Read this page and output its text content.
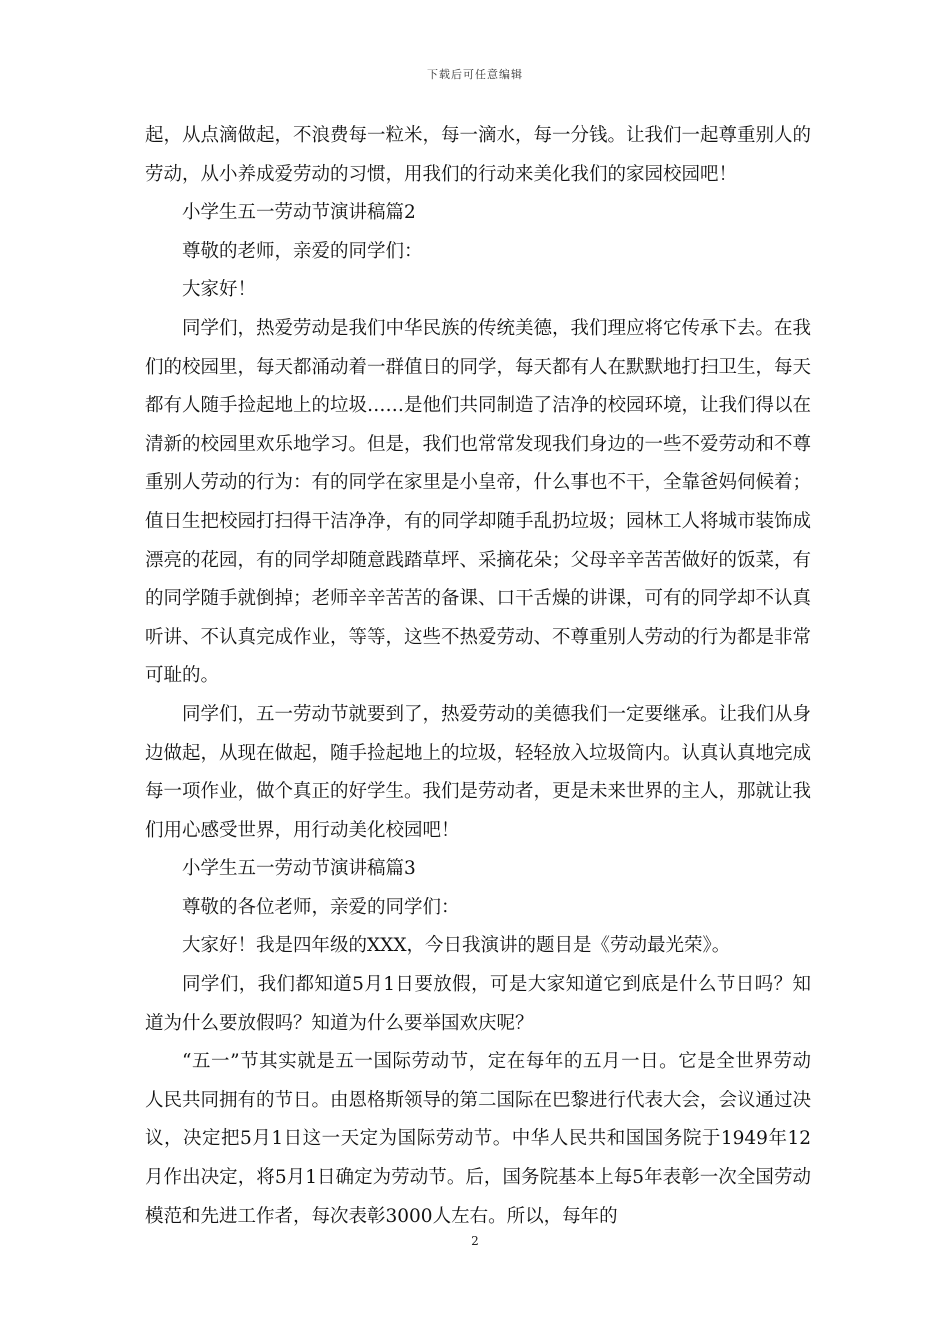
下载后可任意编辑

起，从点滴做起，不浪费每一粒米，每一滴水，每一分钱。让我们一起尊重别人的劳动，从小养成爱劳动的习惯，用我们的行动来美化我们的家园校园吧！

小学生五一劳动节演讲稿篇2

尊敬的老师，亲爱的同学们：

大家好！

同学们，热爱劳动是我们中华民族的传统美德，我们理应将它传承下去。在我们的校园里，每天都涌动着一群值日的同学，每天都有人在默默地打扫卫生，每天都有人随手捡起地上的垃圾……是他们共同制造了洁净的校园环境，让我们得以在清新的校园里欢乐地学习。但是，我们也常常发现我们身边的一些不爱劳动和不尊重别人劳动的行为：有的同学在家里是小皇帝，什么事也不干，全靠爸妈伺候着；值日生把校园打扫得干洁净净，有的同学却随手乱扔垃圾；园林工人将城市装饰成漂亮的花园，有的同学却随意践踏草坪、采摘花朵；父母辛辛苦苦做好的饭菜，有的同学随手就倒掉；老师辛辛苦苦的备课、口干舌燥的讲课，可有的同学却不认真听讲、不认真完成作业，等等，这些不热爱劳动、不尊重别人劳动的行为都是非常可耻的。

同学们，五一劳动节就要到了，热爱劳动的美德我们一定要继承。让我们从身边做起，从现在做起，随手捡起地上的垃圾，轻轻放入垃圾筒内。认真认真地完成每一项作业，做个真正的好学生。我们是劳动者，更是未来世界的主人，那就让我们用心感受世界，用行动美化校园吧！

小学生五一劳动节演讲稿篇3

尊敬的各位老师，亲爱的同学们：

大家好！我是四年级的XXX，今日我演讲的题目是《劳动最光荣》。

同学们，我们都知道5月1日要放假，可是大家知道它到底是什么节日吗？知道为什么要放假吗？知道为什么要举国欢庆呢？

“五一”节其实就是五一国际劳动节，定在每年的五月一日。它是全世界劳动人民共同拥有的节日。由恩格斯领导的第二国际在巴黎进行代表大会，会议通过决议，决定把5月1日这一天定为国际劳动节。中华人民共和国国务院于1949年12月作出决定，将5月1日确定为劳动节。后，国务院基本上每5年表彰一次全国劳动模范和先进工作者，每次表彰3000人左右。所以，每年的

2
